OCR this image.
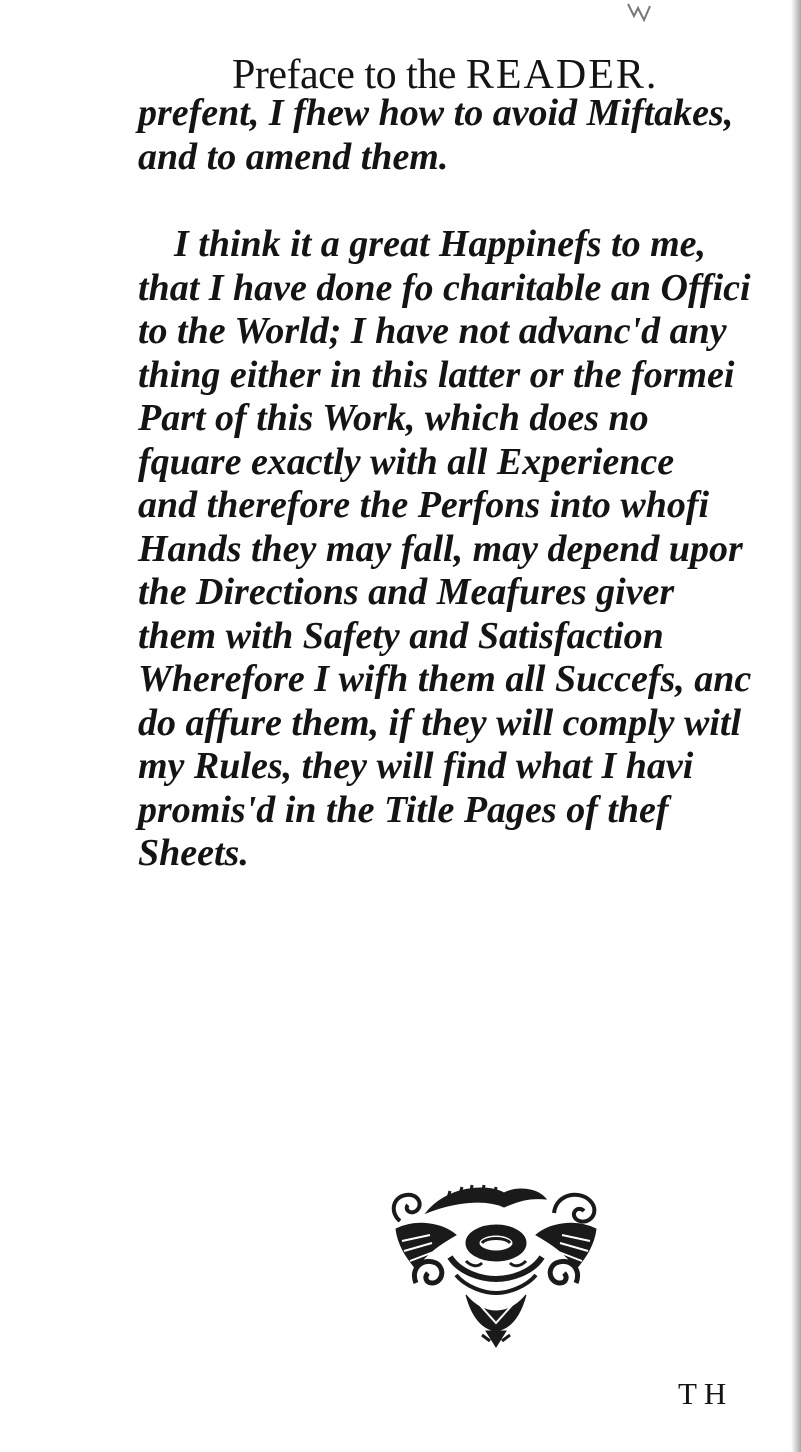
Preface to the READER.
prefent, I fhew how to avoid Miftakes,
and to amend them.
I think it a great Happinefs to me,
that I have done fo charitable an Offici
to the World; I have not advanc'd any
thing either in this latter or the formei
Part of this Work, which does no
fquare exactly with all Experience
and therefore the Perfons into whofi
Hands they may fall, may depend upor
the Directions and Meafures giver
them with Safety and Satisfaction
Wherefore I wifh them all Succefs, anc
do affure them, if they will comply witl
my Rules, they will find what I havi
promis'd in the Title Pages of thef
Sheets.
TH
